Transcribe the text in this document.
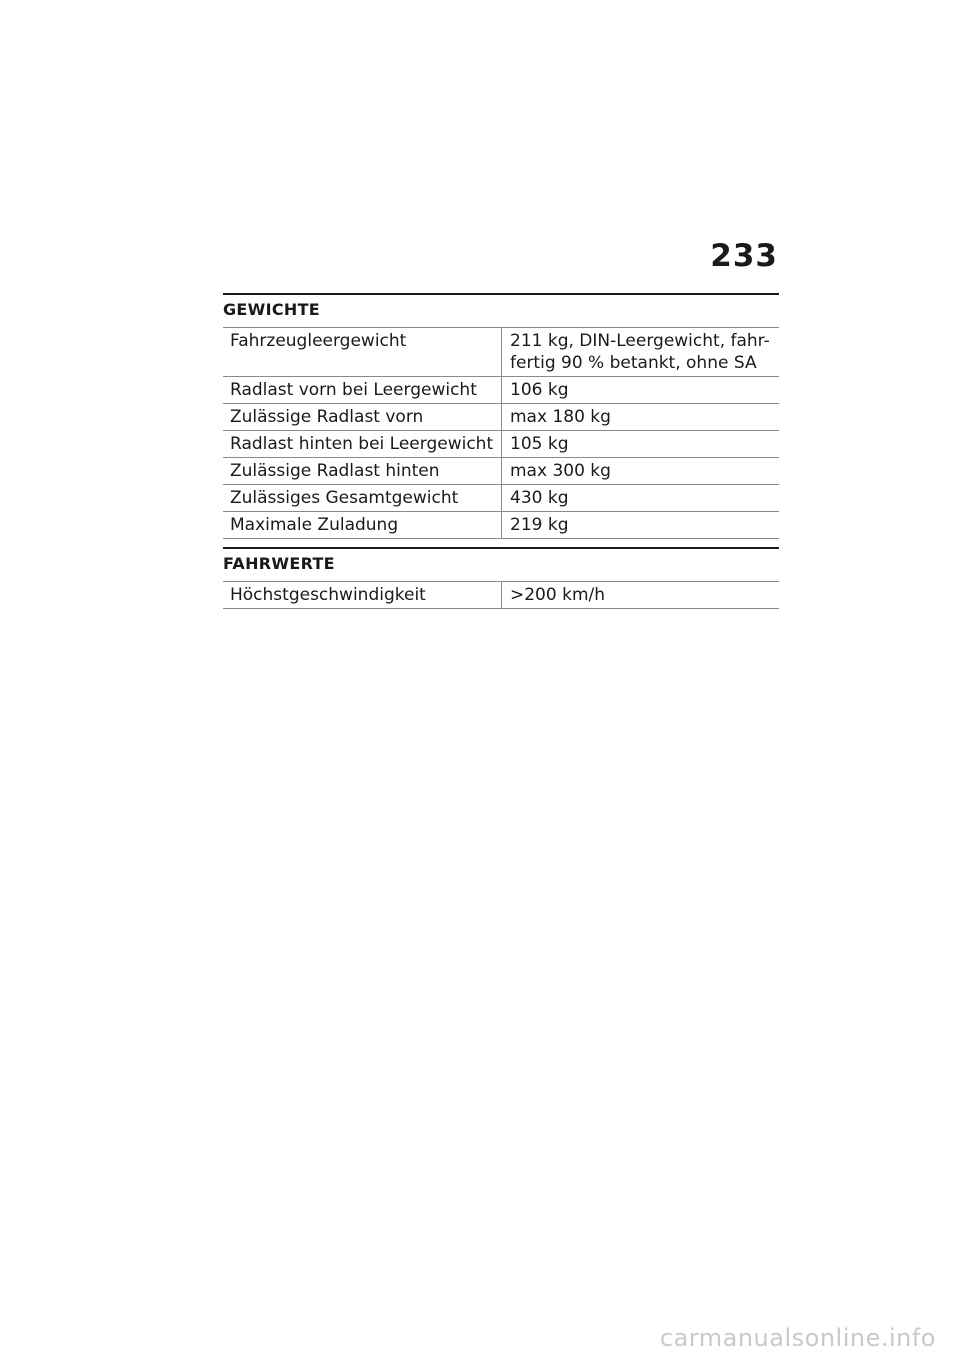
233
GEWICHTE
Fahrzeugleergewicht	211 kg, DIN-Leergewicht, fahr-
fertig 90 % betankt, ohne SA
Radlast vorn bei Leergewicht	106 kg
Zulässige Radlast vorn	max 180 kg
Radlast hinten bei Leergewicht	105 kg
Zulässige Radlast hinten	max 300 kg
Zulässiges Gesamtgewicht	430 kg
Maximale Zuladung	219 kg
FAHRWERTE
Höchstgeschwindigkeit	>200 km/h
carmanualsonline.info
